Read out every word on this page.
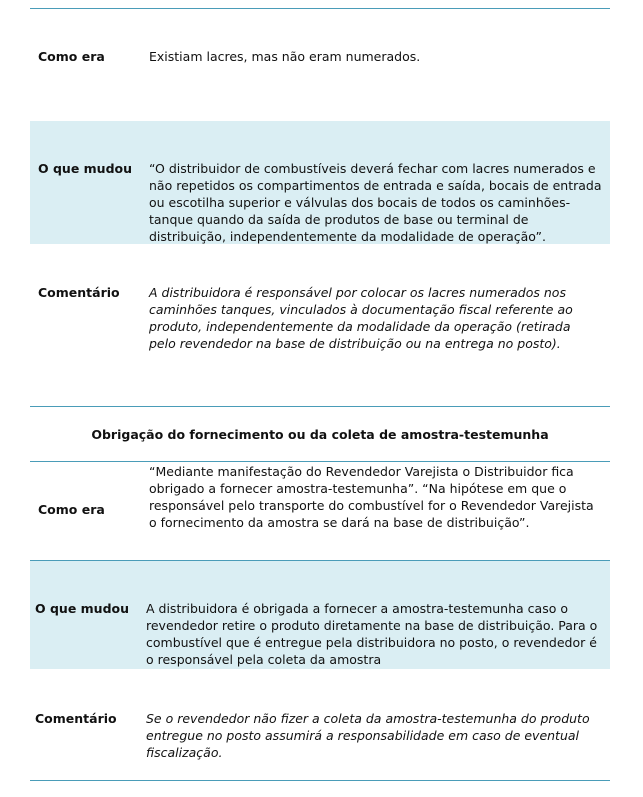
Como era	Existiam lacres, mas não eram numerados.

O que mudou “O distribuidor de combustíveis deverá fechar com lacres numerados e não repetidos os compartimentos de entrada e saída, bocais de entrada ou escotilha superior e válvulas dos bocais de todos os caminhões-tanque quando da saída de produtos de base ou terminal de distribuição, independentemente da modalidade de operação”.

Comentário A distribuidora é responsável por colocar os lacres numerados nos caminhões tanques, vinculados à documentação fiscal referente ao produto, independentemente da modalidade da operação (retirada pelo revendedor na base de distribuição ou na entrega no posto).

Obrigação do fornecimento ou da coleta de amostra-testemunha
Como era

“Mediante manifestação do Revendedor Varejista o Distribuidor fica obrigado a fornecer amostra-testemunha”. “Na hipótese em que o responsável pelo transporte do combustível for o Revendedor Varejista o fornecimento da amostra se dará na base de distribuição”.

O que mudou A distribuidora é obrigada a fornecer a amostra-testemunha caso o revendedor retire o produto diretamente na base de distribuição. Para o combustível que é entregue pela distribuidora no posto, o revendedor é o responsável pela coleta da amostra

Comentário Se o revendedor não fizer a coleta da amostra-testemunha do produto entregue no posto assumirá a responsabilidade em caso de eventual fiscalização.
